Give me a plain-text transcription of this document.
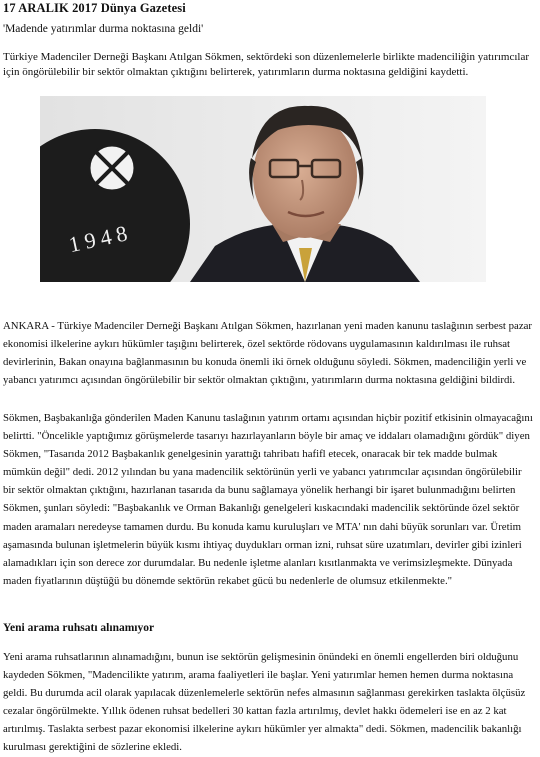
17 ARALIK 2017 Dünya Gazetesi
'Madende yatırımlar durma noktasına geldi'

Türkiye Madenciler Derneği Başkanı Atılgan Sökmen, sektördeki son düzenlemelerle birlikte madenciliğin yatırımcılar için öngörülebilir bir sektör olmaktan çıktığını belirterek, yatırımların durma noktasına geldiğini kaydetti.

1948

ANKARA - Türkiye Madenciler Derneği Başkanı Atılgan Sökmen, hazırlanan yeni maden kanunu taslağının serbest pazar ekonomisi ilkelerine aykırı hükümler taşığını belirterek, özel sektörde rödovans uygulamasının kaldırılması ile ruhsat devirlerinin, Bakan onayına bağlanmasının bu konuda önemli iki örnek olduğunu söyledi. Sökmen, madenciliğin yerli ve yabancı yatırımcı açısından öngörülebilir bir sektör olmaktan çıktığını, yatırımların durma noktasına geldiğini bildirdi.

Sökmen, Başbakanlığa gönderilen Maden Kanunu taslağının yatırım ortamı açısından hiçbir pozitif etkisinin olmayacağını belirtti. "Öncelikle yaptığımız görüşmelerde tasarıyı hazırlayanların böyle bir amaç ve iddaları olamadığını gördük" diyen Sökmen, "Tasarıda 2012 Başbakanlık genelgesinin yarattığı tahribatı hafifl etecek, onaracak bir tek madde bulmak mümkün değil" dedi. 2012 yılından bu yana madencilik sektörünün yerli ve yabancı yatırımcılar açısından öngörülebilir bir sektör olmaktan çıktığını, hazırlanan tasarıda da bunu sağlamaya yönelik herhangi bir işaret bulunmadığını belirten Sökmen, şunları söyledi: "Başbakanlık ve Orman Bakanlığı genelgeleri kıskacındaki madencilik sektöründe özel sektör maden aramaları neredeyse tamamen durdu. Bu konuda kamu kuruluşları ve MTA' nın dahi büyük sorunları var. Üretim aşamasında bulunan işletmelerin büyük kısmı ihtiyaç duydukları orman izni, ruhsat süre uzatımları, devirler gibi izinleri alamadıkları için son derece zor durumdalar. Bu nedenle işletme alanları kısıtlanmakta ve verimsizleşmekte. Dünyada maden fiyatlarının düştüğü bu dönemde sektörün rekabet gücü bu nedenlerle de olumsuz etkilenmekte."

Yeni arama ruhsatı alınamıyor

Yeni arama ruhsatlarının alınamadığını, bunun ise sektörün gelişmesinin önündeki en önemli engellerden biri olduğunu kaydeden Sökmen, "Madencilikte yatırım, arama faaliyetleri ile başlar. Yeni yatırımlar hemen hemen durma noktasına geldi. Bu durumda acil olarak yapılacak düzenlemelerle sektörün nefes almasının sağlanması gerekirken taslakta ölçüsüz cezalar öngörülmekte. Yıllık ödenen ruhsat bedelleri 30 kattan fazla artırılmış, devlet hakkı ödemeleri ise en az 2 kat artırılmış. Taslakta serbest pazar ekonomisi ilkelerine aykırı hükümler yer almakta" dedi. Sökmen, madencilik bakanlığı kurulması gerektiğini de sözlerine ekledi.
